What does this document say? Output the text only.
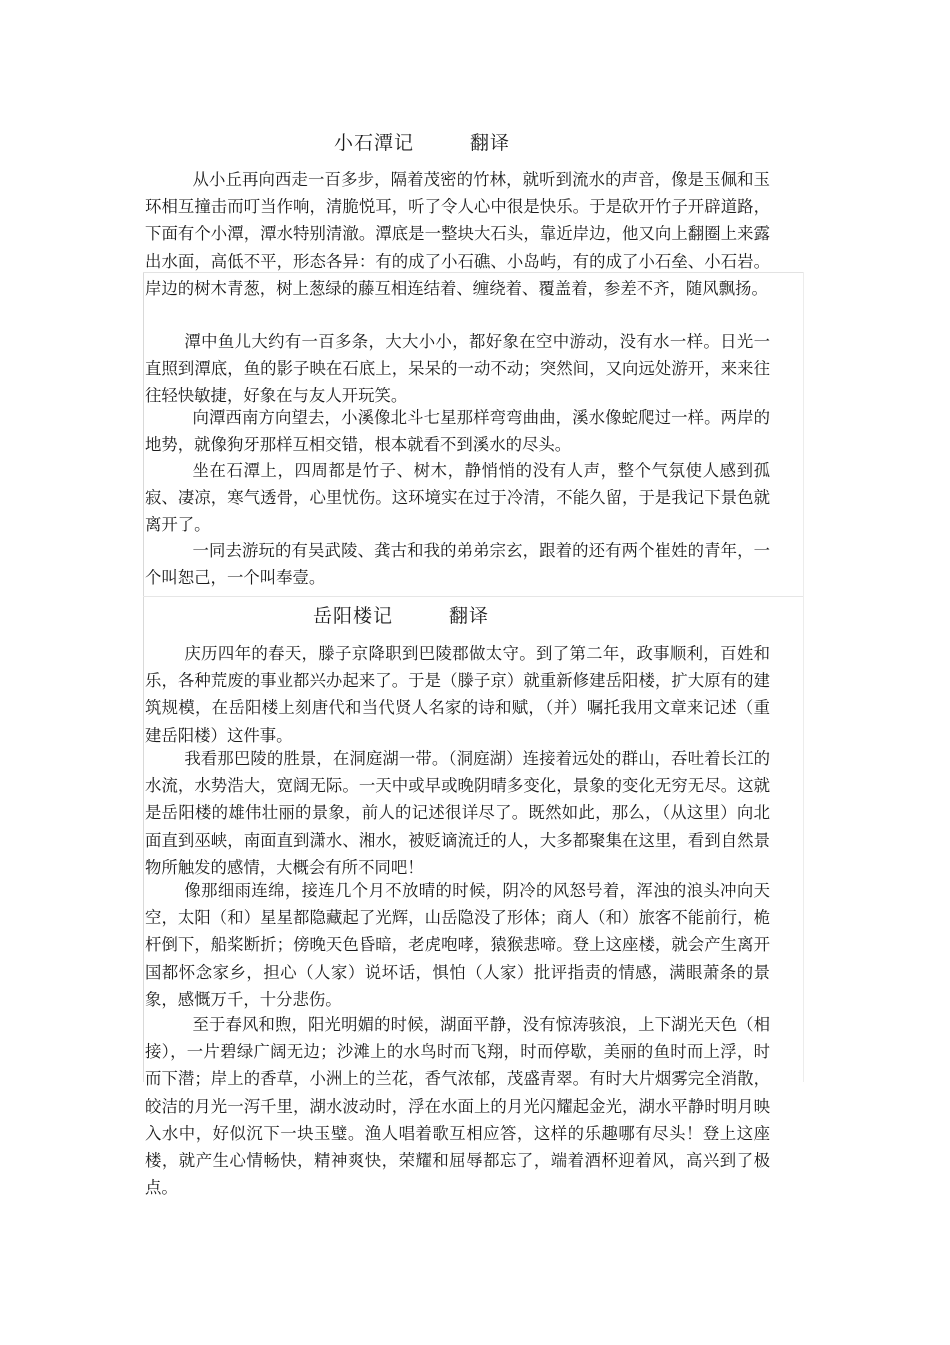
小石潭记	翻译

从小丘再向西走一百多步，隔着茂密的竹林，就听到流水的声音，像是玉佩和玉环相互撞击而叮当作响，清脆悦耳，听了令人心中很是快乐。于是砍开竹子开辟道路，下面有个小潭，潭水特别清澈。潭底是一整块大石头，靠近岸边，他又向上翻圈上来露出水面，高低不平，形态各异：有的成了小石礁、小岛屿，有的成了小石垒、小石岩。岸边的树木青葱，树上葱绿的藤互相连结着、缠绕着、覆盖着，参差不齐，随风飘扬。

潭中鱼儿大约有一百多条，大大小小，都好象在空中游动，没有水一样。日光一直照到潭底，鱼的影子映在石底上，呆呆的一动不动；突然间，又向远处游开，来来往往轻快敏捷，好象在与友人开玩笑。

向潭西南方向望去，小溪像北斗七星那样弯弯曲曲，溪水像蛇爬过一样。两岸的地势，就像狗牙那样互相交错，根本就看不到溪水的尽头。

坐在石潭上，四周都是竹子、树木，静悄悄的没有人声，整个气氛使人感到孤寂、凄凉，寒气透骨，心里忧伤。这环境实在过于冷清，不能久留，于是我记下景色就离开了。

一同去游玩的有吴武陵、龚古和我的弟弟宗玄，跟着的还有两个崔姓的青年，一个叫恕己，一个叫奉壹。

岳阳楼记	翻译

庆历四年的春天，滕子京降职到巴陵郡做太守。到了第二年，政事顺利，百姓和乐，各种荒废的事业都兴办起来了。于是（滕子京）就重新修建岳阳楼，扩大原有的建筑规模，在岳阳楼上刻唐代和当代贤人名家的诗和赋，（并）嘱托我用文章来记述（重建岳阳楼）这件事。

我看那巴陵的胜景，在洞庭湖一带。（洞庭湖）连接着远处的群山，吞吐着长江的水流，水势浩大，宽阔无际。一天中或早或晚阴晴多变化，景象的变化无穷无尽。这就是岳阳楼的雄伟壮丽的景象，前人的记述很详尽了。既然如此，那么，（从这里）向北面直到巫峡，南面直到潇水、湘水，被贬谪流迁的人，大多都聚集在这里，看到自然景物所触发的感情，大概会有所不同吧！

像那细雨连绵，接连几个月不放晴的时候，阴冷的风怒号着，浑浊的浪头冲向天空，太阳（和）星星都隐藏起了光辉，山岳隐没了形体；商人（和）旅客不能前行，桅杆倒下，船桨断折；傍晚天色昏暗，老虎咆哮，猿猴悲啼。登上这座楼，就会产生离开国都怀念家乡，担心（人家）说坏话，惧怕（人家）批评指责的情感，满眼萧条的景象，感慨万千，十分悲伤。

至于春风和煦，阳光明媚的时候，湖面平静，没有惊涛骇浪，上下湖光天色（相接），一片碧绿广阔无边；沙滩上的水鸟时而飞翔，时而停歇，美丽的鱼时而上浮，时而下潜；岸上的香草，小洲上的兰花，香气浓郁，茂盛青翠。有时大片烟雾完全消散，皎洁的月光一泻千里，湖水波动时，浮在水面上的月光闪耀起金光，湖水平静时明月映入水中，好似沉下一块玉璧。渔人唱着歌互相应答，这样的乐趣哪有尽头！登上这座楼，就产生心情畅快，精神爽快，荣耀和屈辱都忘了，端着酒杯迎着风，高兴到了极点。
